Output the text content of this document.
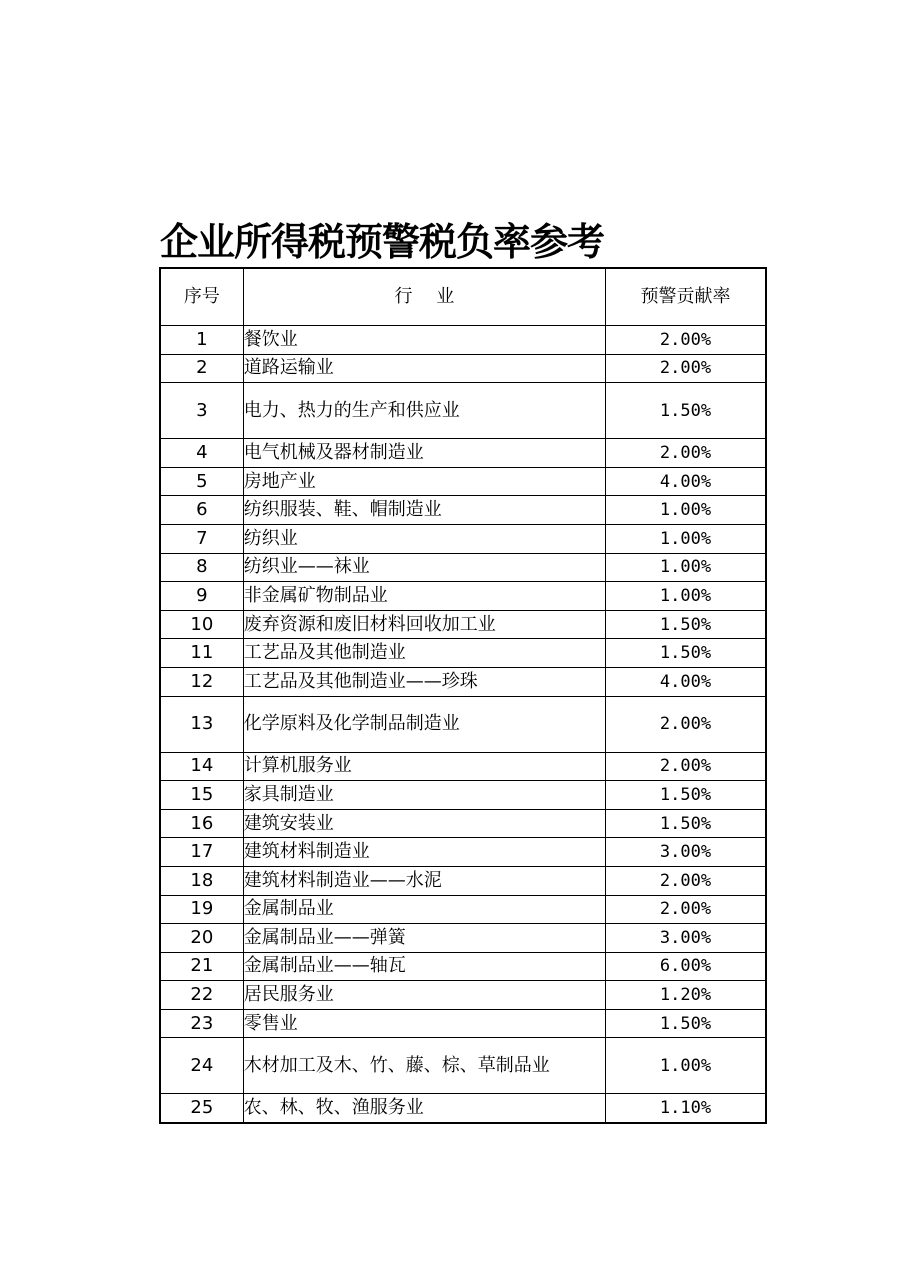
企业所得税预警税负率参考
序号	行　 业	预警贡献率
1	餐饮业	2.00%
2	道路运输业	2.00%
3	电力、热力的生产和供应业	1.50%
4	电气机械及器材制造业	2.00%
5	房地产业	4.00%
6	纺织服装、鞋、帽制造业	1.00%
7	纺织业	1.00%
8	纺织业——袜业	1.00%
9	非金属矿物制品业	1.00%
10	废弃资源和废旧材料回收加工业	1.50%
11	工艺品及其他制造业	1.50%
12	工艺品及其他制造业——珍珠	4.00%
13	化学原料及化学制品制造业	2.00%
14	计算机服务业	2.00%
15	家具制造业	1.50%
16	建筑安装业	1.50%
17	建筑材料制造业	3.00%
18	建筑材料制造业——水泥	2.00%
19	金属制品业	2.00%
20	金属制品业——弹簧	3.00%
21	金属制品业——轴瓦	6.00%
22	居民服务业	1.20%
23	零售业	1.50%
24	木材加工及木、竹、藤、棕、草制品业	1.00%
25	农、林、牧、渔服务业	1.10%
